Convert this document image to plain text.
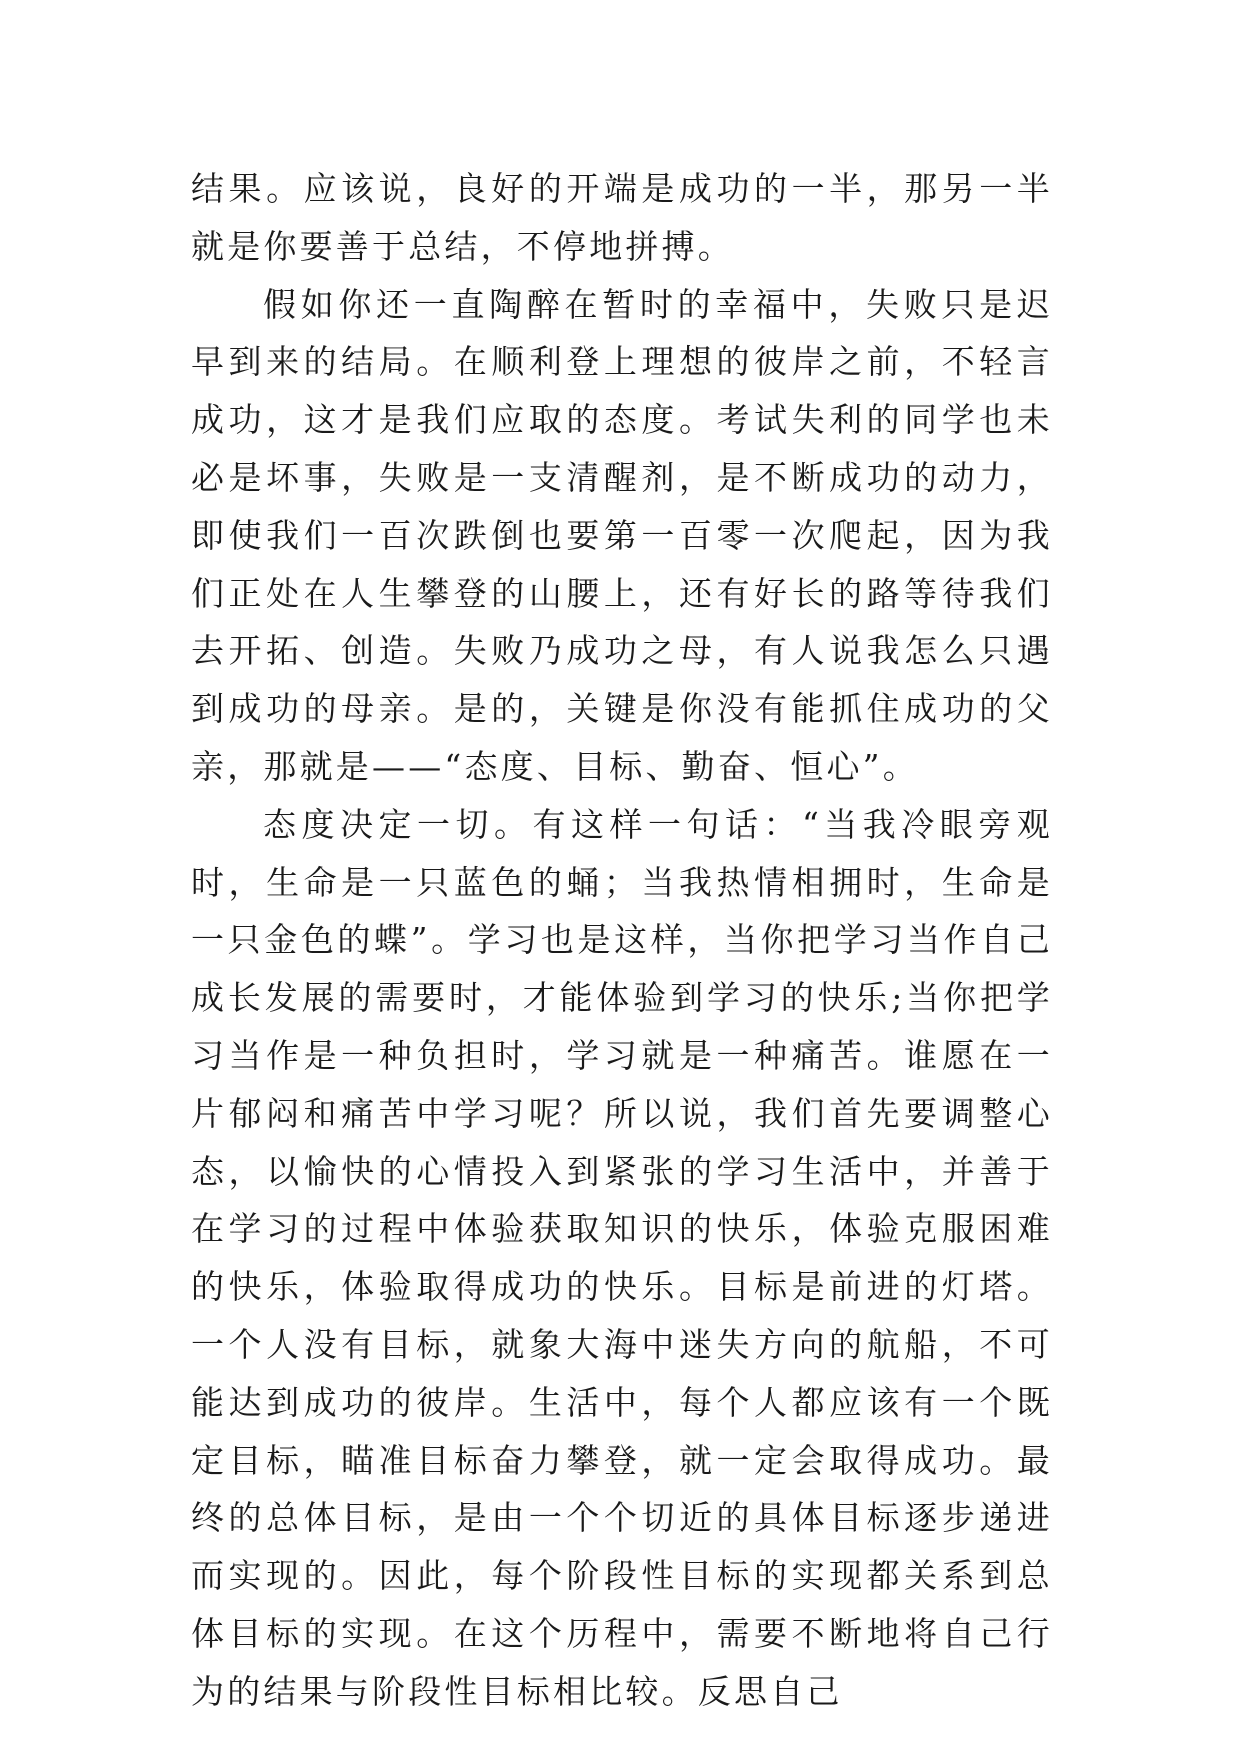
结果。应该说，良好的开端是成功的一半，那另一半就是你要善于总结，不停地拼搏。

假如你还一直陶醉在暂时的幸福中，失败只是迟早到来的结局。在顺利登上理想的彼岸之前，不轻言成功，这才是我们应取的态度。考试失利的同学也未必是坏事，失败是一支清醒剂，是不断成功的动力，即使我们一百次跌倒也要第一百零一次爬起，因为我们正处在人生攀登的山腰上，还有好长的路等待我们去开拓、创造。失败乃成功之母，有人说我怎么只遇到成功的母亲。是的，关键是你没有能抓住成功的父亲，那就是——“态度、目标、勤奋、恒心”。

态度决定一切。有这样一句话：“当我冷眼旁观时，生命是一只蓝色的蛹；当我热情相拥时，生命是一只金色的蝶”。学习也是这样，当你把学习当作自己成长发展的需要时，才能体验到学习的快乐;当你把学习当作是一种负担时，学习就是一种痛苦。谁愿在一片郁闷和痛苦中学习呢？所以说，我们首先要调整心态，以愉快的心情投入到紧张的学习生活中，并善于在学习的过程中体验获取知识的快乐，体验克服困难的快乐，体验取得成功的快乐。目标是前进的灯塔。一个人没有目标，就象大海中迷失方向的航船，不可能达到成功的彼岸。生活中，每个人都应该有一个既定目标，瞄准目标奋力攀登，就一定会取得成功。最终的总体目标，是由一个个切近的具体目标逐步递进而实现的。因此，每个阶段性目标的实现都关系到总体目标的实现。在这个历程中，需要不断地将自己行为的结果与阶段性目标相比较。反思自己
